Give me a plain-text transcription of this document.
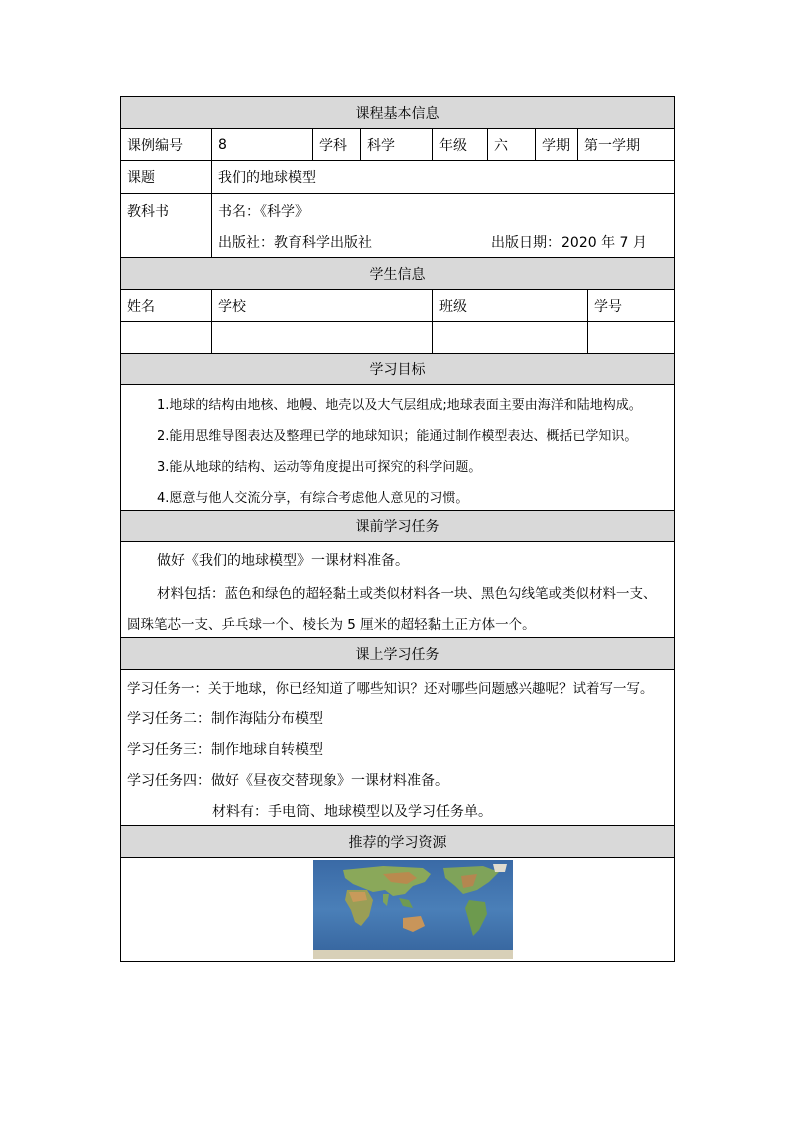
课程基本信息
课例编号	8	学科	科学	年级	六	学期	第一学期
课题	我们的地球模型
教科书	书名：《科学》
出版社：教育科学出版社	出版日期：2020 年 7 月
学生信息
姓名	学校	班级	学号
学习目标
1.地球的结构由地核、地幔、地壳以及大气层组成;地球表面主要由海洋和陆地构成。
2.能用思维导图表达及整理已学的地球知识；能通过制作模型表达、概括已学知识。
3.能从地球的结构、运动等角度提出可探究的科学问题。
4.愿意与他人交流分享，有综合考虑他人意见的习惯。
课前学习任务
做好《我们的地球模型》一课材料准备。
材料包括：蓝色和绿色的超轻黏土或类似材料各一块、黑色勾线笔或类似材料一支、
圆珠笔芯一支、乒乓球一个、棱长为 5 厘米的超轻黏土正方体一个。
课上学习任务
学习任务一：关于地球，你已经知道了哪些知识？还对哪些问题感兴趣呢？试着写一写。
学习任务二：制作海陆分布模型
学习任务三：制作地球自转模型
学习任务四：做好《昼夜交替现象》一课材料准备。
材料有：手电筒、地球模型以及学习任务单。
推荐的学习资源
